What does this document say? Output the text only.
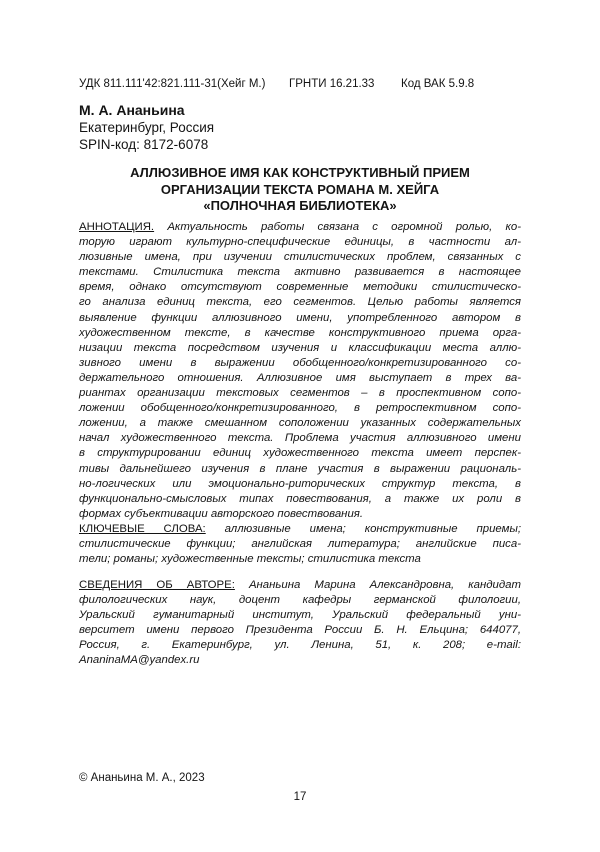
УДК 811.111'42:821.111-31(Хейг М.) ГРНТИ 16.21.33 Код ВАК 5.9.8
М. А. Ананьина
Екатеринбург, Россия
SPIN-код: 8172-6078
АЛЛЮЗИВНОЕ ИМЯ КАК КОНСТРУКТИВНЫЙ ПРИЕМ
ОРГАНИЗАЦИИ ТЕКСТА РОМАНА М. ХЕЙГА
«ПОЛНОЧНАЯ БИБЛИОТЕКА»
АННОТАЦИЯ. Актуальность работы связана с огромной ролью, ко-
торую играют культурно-специфические единицы, в частности ал-
люзивные имена, при изучении стилистических проблем, связанных с
текстами. Стилистика текста активно развивается в настоящее
время, однако отсутствуют современные методики стилистическо-
го анализа единиц текста, его сегментов. Целью работы является
выявление функции аллюзивного имени, употребленного автором в
художественном тексте, в качестве конструктивного приема орга-
низации текста посредством изучения и классификации места аллю-
зивного имени в выражении обобщенного/конкретизированного со-
держательного отношения. Аллюзивное имя выступает в трех ва-
риантах организации текстовых сегментов – в проспективном сопо-
ложении обобщенного/конкретизированного, в ретроспективном сопо-
ложении, а также смешанном соположении указанных содержательных
начал художественного текста. Проблема участия аллюзивного имени
в структурировании единиц художественного текста имеет перспек-
тивы дальнейшего изучения в плане участия в выражении рациональ-
но-логических или эмоционально-риторических структур текста, в
функционально-смысловых типах повествования, а также их роли в
формах субъективации авторского повествования.
КЛЮЧЕВЫЕ СЛОВА: аллюзивные имена; конструктивные приемы;
стилистические функции; английская литература; английские писа-
тели; романы; художественные тексты; стилистика текста
СВЕДЕНИЯ ОБ АВТОРЕ: Ананьина Марина Александровна, кандидат
филологических наук, доцент кафедры германской филологии,
Уральский гуманитарный институт, Уральский федеральный уни-
верситет имени первого Президента России Б. Н. Ельцина; 644077,
Россия, г. Екатеринбург, ул. Ленина, 51, к. 208; e-mail:
AnaninaMA@yandex.ru
© Ананьина М. А., 2023
17
